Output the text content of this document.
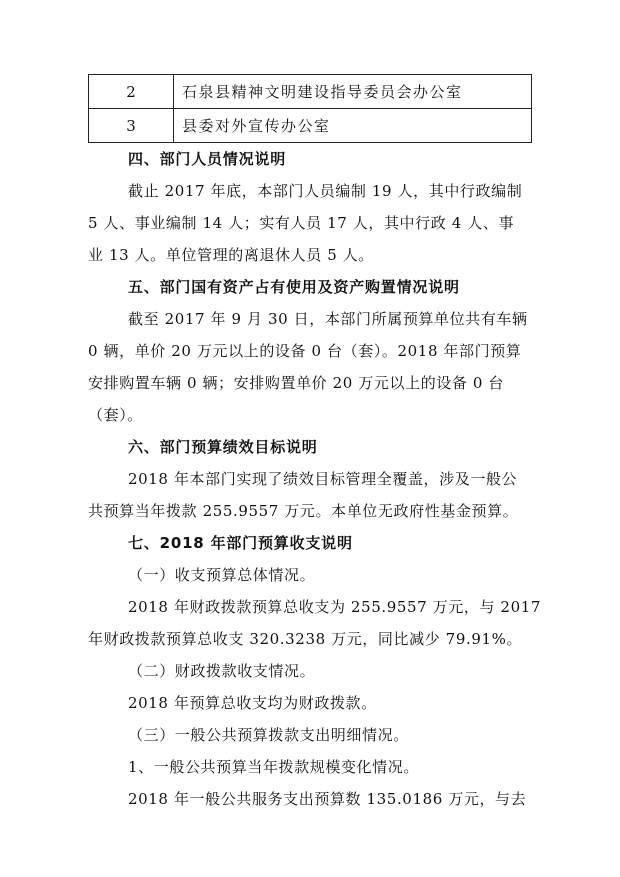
2	石泉县精神文明建设指导委员会办公室
3	县委对外宣传办公室
四、部门人员情况说明
截止 2017 年底，本部门人员编制 19 人，其中行政编制
5 人、事业编制 14 人；实有人员 17 人，其中行政 4 人、事
业 13 人。单位管理的离退休人员 5 人。
五、部门国有资产占有使用及资产购置情况说明
截至 2017 年 9 月 30 日，本部门所属预算单位共有车辆
0 辆，单价 20 万元以上的设备 0 台（套）。2018 年部门预算
安排购置车辆 0 辆；安排购置单价 20 万元以上的设备 0 台
（套）。
六、部门预算绩效目标说明
2018 年本部门实现了绩效目标管理全覆盖，涉及一般公
共预算当年拨款 255.9557 万元。本单位无政府性基金预算。
七、2018 年部门预算收支说明
（一）收支预算总体情况。
2018 年财政拨款预算总收支为 255.9557 万元，与 2017
年财政拨款预算总收支 320.3238 万元，同比减少 79.91%。
（二）财政拨款收支情况。
2018 年预算总收支均为财政拨款。
（三）一般公共预算拨款支出明细情况。
1、一般公共预算当年拨款规模变化情况。
2018 年一般公共服务支出预算数 135.0186 万元，与去
